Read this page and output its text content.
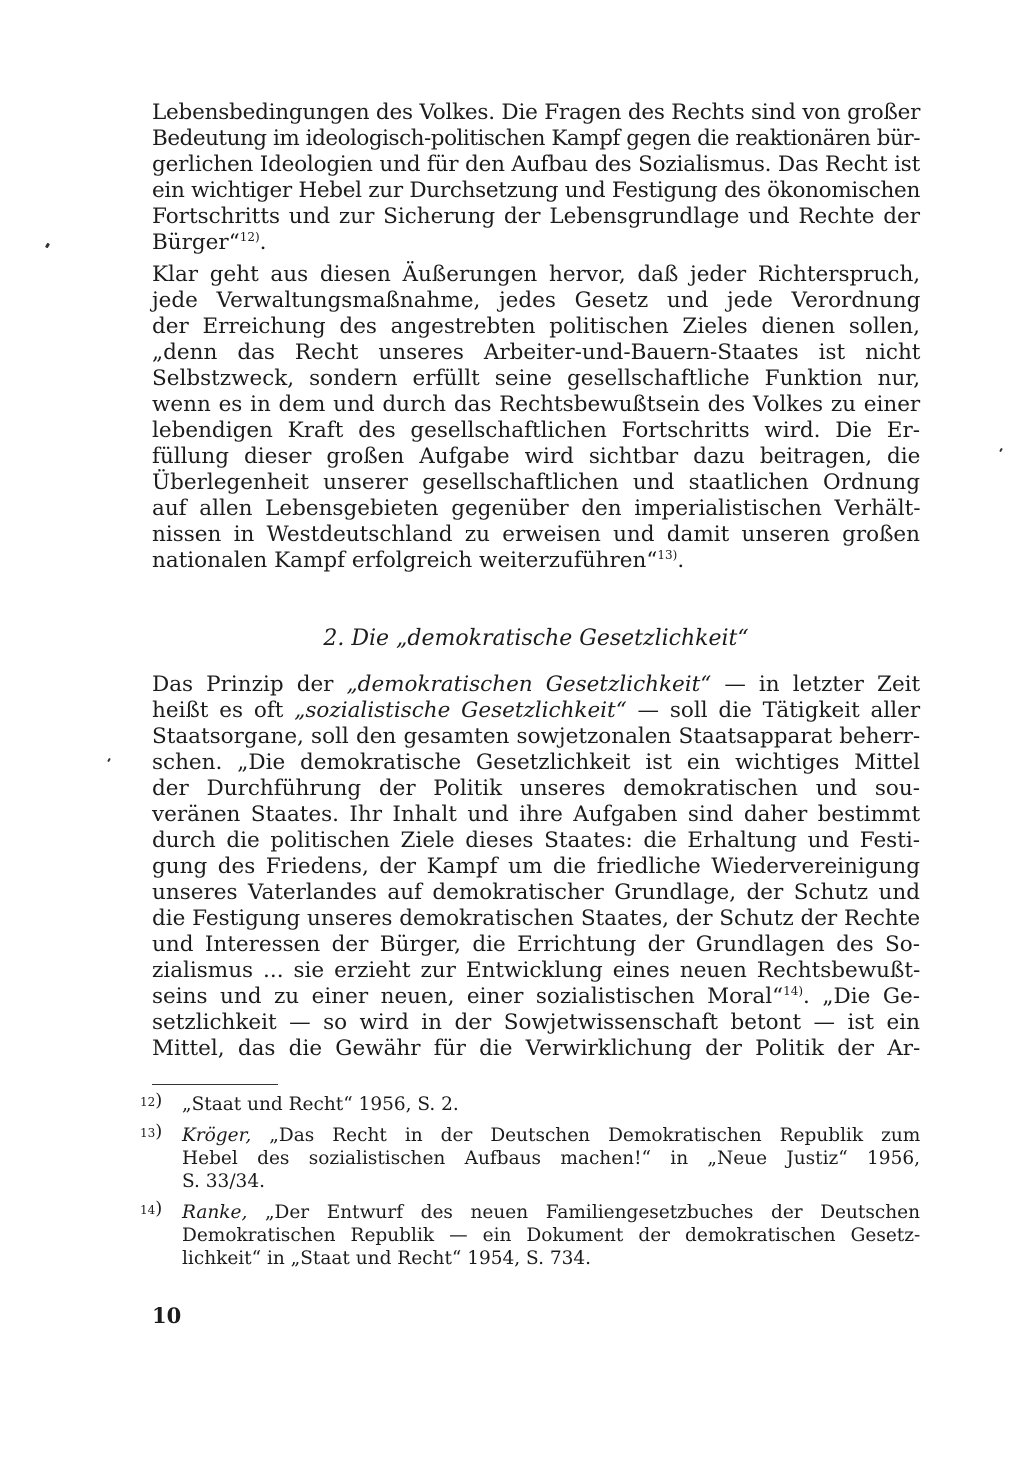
Lebensbedingungen des Volkes. Die Fragen des Rechts sind von großer
Bedeutung im ideologisch-politischen Kampf gegen die reaktionären bür-
gerlichen Ideologien und für den Aufbau des Sozialismus. Das Recht ist
ein wichtiger Hebel zur Durchsetzung und Festigung des ökonomischen
Fortschritts und zur Sicherung der Lebensgrundlage und Rechte der
Bürger“$^{12)}$.
Klar geht aus diesen Äußerungen hervor, daß jeder Richterspruch,
jede Verwaltungsmaßnahme, jedes Gesetz und jede Verordnung
der Erreichung des angestrebten politischen Zieles dienen sollen,
„denn das Recht unseres Arbeiter-und-Bauern-Staates ist nicht
Selbstzweck, sondern erfüllt seine gesellschaftliche Funktion nur,
wenn es in dem und durch das Rechtsbewußtsein des Volkes zu einer
lebendigen Kraft des gesellschaftlichen Fortschritts wird. Die Er-
füllung dieser großen Aufgabe wird sichtbar dazu beitragen, die
Überlegenheit unserer gesellschaftlichen und staatlichen Ordnung
auf allen Lebensgebieten gegenüber den imperialistischen Verhält-
nissen in Westdeutschland zu erweisen und damit unseren großen
nationalen Kampf erfolgreich weiterzuführen“$^{13)}$.
2. Die „demokratische Gesetzlichkeit“
Das Prinzip der „demokratischen Gesetzlichkeit“ — in letzter Zeit
heißt es oft „sozialistische Gesetzlichkeit“ — soll die Tätigkeit aller
Staatsorgane, soll den gesamten sowjetzonalen Staatsapparat beherr-
schen. „Die demokratische Gesetzlichkeit ist ein wichtiges Mittel
der Durchführung der Politik unseres demokratischen und sou-
veränen Staates. Ihr Inhalt und ihre Aufgaben sind daher bestimmt
durch die politischen Ziele dieses Staates: die Erhaltung und Festi-
gung des Friedens, der Kampf um die friedliche Wiedervereinigung
unseres Vaterlandes auf demokratischer Grundlage, der Schutz und
die Festigung unseres demokratischen Staates, der Schutz der Rechte
und Interessen der Bürger, die Errichtung der Grundlagen des So-
zialismus ... sie erzieht zur Entwicklung eines neuen Rechtsbewußt-
seins und zu einer neuen, einer sozialistischen Moral“$^{14)}$. „Die Ge-
setzlichkeit — so wird in der Sowjetwissenschaft betont — ist ein
Mittel, das die Gewähr für die Verwirklichung der Politik der Ar-
12) „Staat und Recht“ 1956, S. 2.
13) Kröger, „Das Recht in der Deutschen Demokratischen Republik zum
Hebel des sozialistischen Aufbaus machen!“ in „Neue Justiz“ 1956,
S. 33/34.
14) Ranke, „Der Entwurf des neuen Familiengesetzbuches der Deutschen
Demokratischen Republik — ein Dokument der demokratischen Gesetz-
lichkeit“ in „Staat und Recht“ 1954, S. 734.
10
